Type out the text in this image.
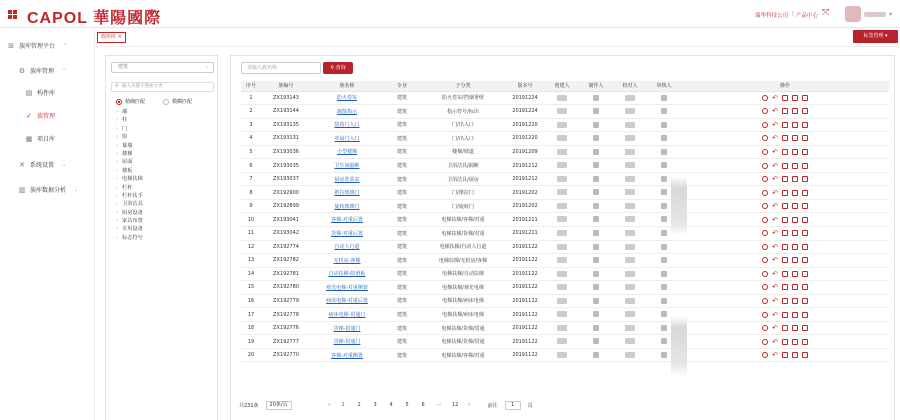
CAPOL 華陽國際	瑞华科技公司 | 产品中心 ⤧	▾
⊞ 族库管理平台 ⌃
⚙ 族库管理 ⌃
▤ 构件库
✓ 族管理
▦ 项目库
✕ 系统设置 ⌄
▥ 族库数据分析 ⌄
族库库 ×	标签管理 ▾
建筑	⌄
⚲ 输入关键字搜索分类
精确匹配	模糊匹配
› 墙
› 柱
› 门
› 窗
› 幕墙
› 楼梯
› 屋面
› 楼板
› 电梯扶梯
› 栏杆
› 栏杆扶手
› 卫浴洁具
› 厨房设备
› 家具布置
› 专用设备
› 标志符号
请输入族名称	⚲ 查询
序号	族编号	族名称	专业	子分类	版本号	创建人	制作人	校对人	审核人	操作
1	ZX193143	防火卷帘	建筑	防火卷帘/挡烟垂壁	20191224					↶

2	ZX193144	疏散指示	建筑	指示符号/标识	20191224					↶

3	ZX193135	防盗门入口	建筑	门/出入口	20191220					↶

4	ZX193131	单扇门入口	建筑	门/出入口	20191220					↶

5	ZX193036	小型楼梯	建筑	楼梯/坡道	20191209					↶

6	ZX193035	卫生间隔断	建筑	卫浴洁具/隔断	20191212					↶

7	ZX193037	厨房洗菜盆	建筑	卫浴洁具/厨房	20191212					↶

8	ZX192900	推拉玻璃门	建筑	门/推拉门	20191202					↶

9	ZX192899	旋转玻璃门	建筑	门/旋转门	20191202					↶

10	ZX193041	客梯-对重后置	建筑	电梯扶梯/客梯/对重	20191211					↶

11	ZX193042	货梯-对重后置	建筑	电梯扶梯/货梯/对重	20191211					↶

12	ZX192774	自动人行道	建筑	电梯扶梯/自动人行道	20191122					↶

13	ZX192782	无机房-客梯	建筑	电梯扶梯/无机房/客梯	20191122					↶

14	ZX192781	自动扶梯-防滑板	建筑	电梯扶梯/自动扶梯	20191122					↶

15	ZX192780	观光电梯-对重侧置	建筑	电梯扶梯/观光电梯	20191122					↶

16	ZX192779	病床电梯-对重后置	建筑	电梯扶梯/病床电梯	20191122					↶

17	ZX192778	病床电梯-贯通门	建筑	电梯扶梯/病床电梯	20191122					↶

18	ZX192776	货梯-贯通门	建筑	电梯扶梯/货梯/贯通	20191122					↶

19	ZX192777	货梯-贯通门	建筑	电梯扶梯/货梯/贯通	20191122					↶

20	ZX192770	客梯-对重侧置	建筑	电梯扶梯/客梯/对重	20191122					↶
共231条	20条/页	‹	1	2	3	4	5	6	··· 12	›	前往	1	页
